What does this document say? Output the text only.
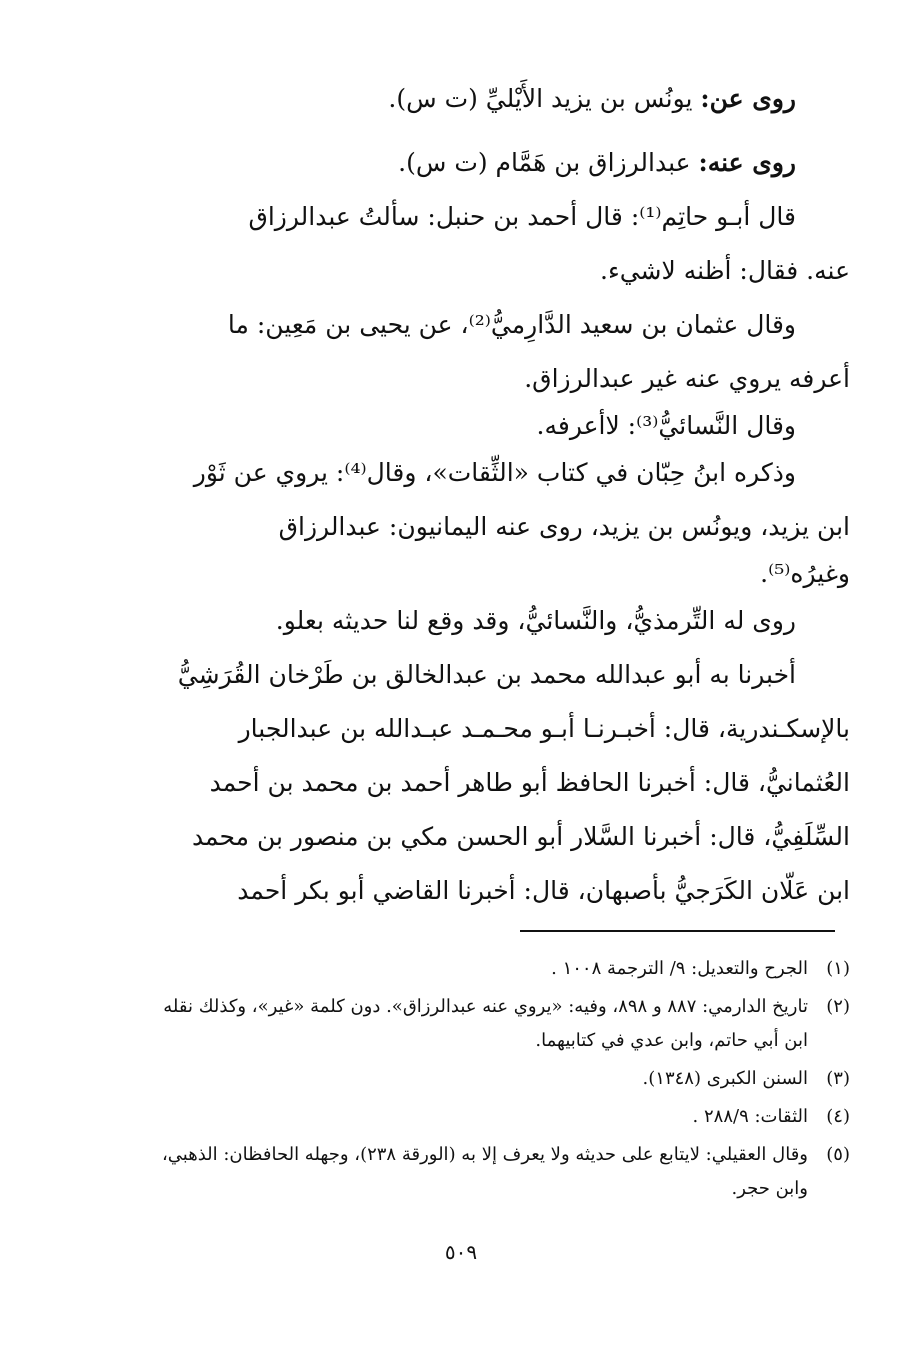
روى عن: يونُس بن يزيد الأَيْليِّ (ت س).

روى عنه: عبدالرزاق بن هَمَّام (ت س).

قال أبـو حاتِم⁽¹⁾: قال أحمد بن حنبل: سألتُ عبدالرزاق

عنه. فقال: أظنه لاشيء.

وقال عثمان بن سعيد الدَّارِميُّ⁽²⁾، عن يحيى بن مَعِين: ما

أعرفه يروي عنه غير عبدالرزاق.

وقال النَّسائيُّ⁽³⁾: لاأعرفه.

وذكره ابنُ حِبّان في كتاب «الثِّقات»، وقال⁽⁴⁾: يروي عن ثَوْر

ابن يزيد، ويونُس بن يزيد، روى عنه اليمانيون: عبدالرزاق

وغيرُه⁽⁵⁾.

روى له التِّرمذيُّ، والنَّسائيُّ، وقد وقع لنا حديثه بعلو.

أخبرنا به أبو عبدالله محمد بن عبدالخالق بن طَرْخان القُرَشِيُّ

بالإسكـندرية، قال: أخبـرنـا أبـو محـمـد عبـدالله بن عبدالجبار

العُثمانيُّ، قال: أخبرنا الحافظ أبو طاهر أحمد بن محمد بن أحمد

السِّلَفِيُّ، قال: أخبرنا السَّلار أبو الحسن مكي بن منصور بن محمد

ابن عَلّان الكَرَجيُّ بأصبهان، قال: أخبرنا القاضي أبو بكر أحمد

(١)
الجرح والتعديل: ٩/ الترجمة ١٠٠٨ .
(٢)
تاريخ الدارمي: ٨٨٧ و ٨٩٨، وفيه: «يروي عنه عبدالرزاق». دون كلمة «غير»، وكذلك نقله ابن أبي حاتم، وابن عدي في كتابيهما.
(٣)
السنن الكبرى (١٣٤٨).
(٤)
الثقات: ٢٨٨/٩ .
(٥)
وقال العقيلي: لايتابع على حديثه ولا يعرف إلا به (الورقة ٢٣٨)، وجهله الحافظان: الذهبي، وابن حجر.
٥٠٩
